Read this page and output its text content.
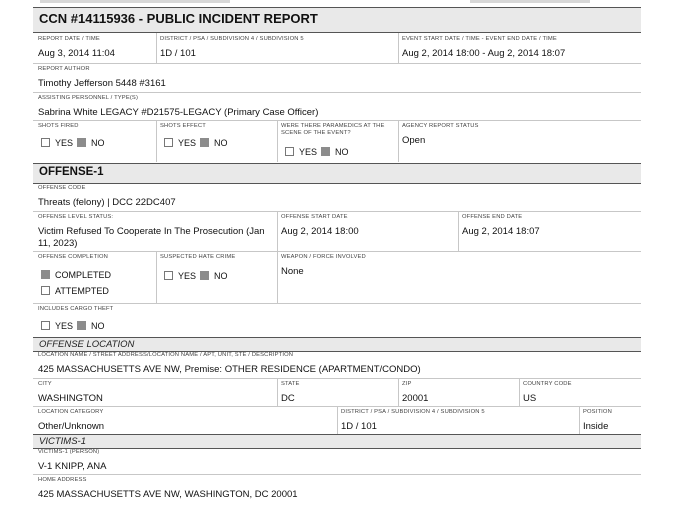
CCN #14115936 - PUBLIC INCIDENT REPORT
REPORT DATE / TIME
Aug 3, 2014 11:04
DISTRICT / PSA / SUBDIVISION 4 / SUBDIVISION 5
1D / 101
EVENT START DATE / TIME - EVENT END DATE / TIME
Aug 2, 2014 18:00 - Aug 2, 2014 18:07
REPORT AUTHOR
Timothy Jefferson 5448 #3161
ASSISTING PERSONNEL / TYPE(S)
Sabrina White LEGACY #D21575-LEGACY (Primary Case Officer)
SHOTS FIRED
YES NO
SHOTS EFFECT
YES NO
WERE THERE PARAMEDICS AT THE
SCENE OF THE EVENT?
YES NO
AGENCY REPORT STATUS
Open
OFFENSE-1
OFFENSE CODE
Threats (felony) | DCC 22DC407
OFFENSE LEVEL STATUS:
Victim Refused To Cooperate In The Prosecution (Jan
11, 2023)
OFFENSE START DATE
Aug 2, 2014 18:00
OFFENSE END DATE
Aug 2, 2014 18:07
OFFENSE COMPLETION
COMPLETED
ATTEMPTED
SUSPECTED HATE CRIME
YES NO
WEAPON / FORCE INVOLVED
None
INCLUDES CARGO THEFT
YES NO
OFFENSE LOCATION
LOCATION NAME / STREET ADDRESS/LOCATION NAME / APT, UNIT, STE / DESCRIPTION
425 MASSACHUSETTS AVE NW, Premise: OTHER RESIDENCE (APARTMENT/CONDO)
CITY
WASHINGTON
STATE
DC
ZIP
20001
COUNTRY CODE
US
LOCATION CATEGORY
Other/Unknown
DISTRICT / PSA / SUBDIVISION 4 / SUBDIVISION 5
1D / 101
POSITION
Inside
VICTIMS-1
VICTIMS-1 (PERSON)
V-1 KNIPP, ANA
HOME ADDRESS
425 MASSACHUSETTS AVE NW, WASHINGTON, DC 20001
